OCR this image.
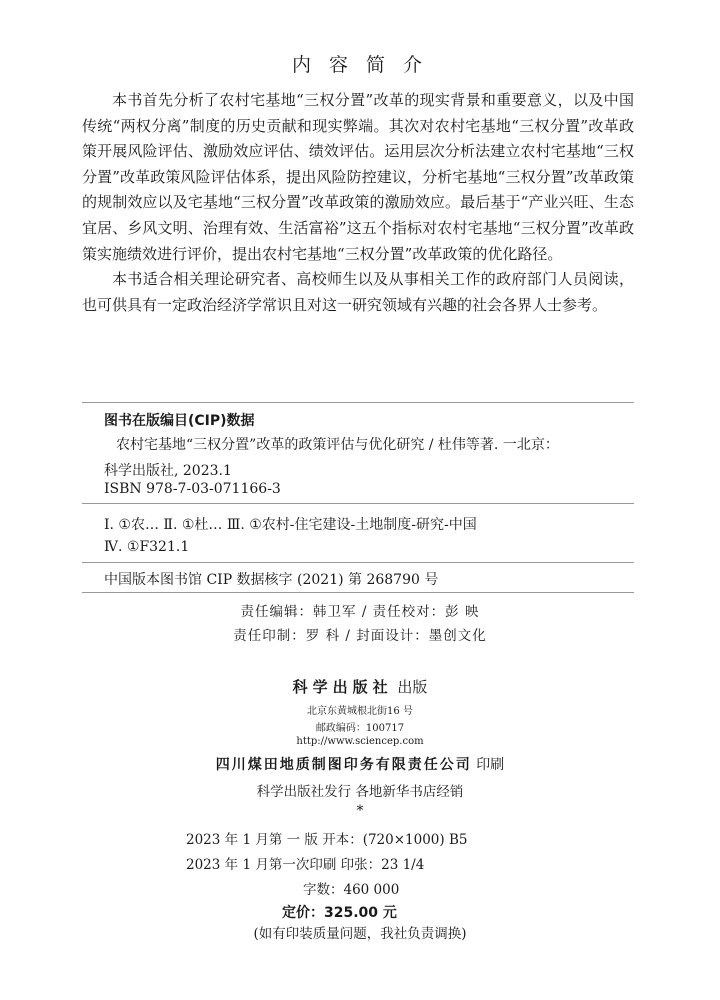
内 容 简 介

本书首先分析了农村宅基地“三权分置”改革的现实背景和重要意义，以及中国传统“两权分离”制度的历史贡献和现实弊端。其次对农村宅基地“三权分置”改革政策开展风险评估、激励效应评估、绩效评估。运用层次分析法建立农村宅基地“三权分置”改革政策风险评估体系，提出风险防控建议，分析宅基地“三权分置”改革政策的规制效应以及宅基地“三权分置”改革政策的激励效应。最后基于“产业兴旺、生态宜居、乡风文明、治理有效、生活富裕”这五个指标对农村宅基地“三权分置”改革政策实施绩效进行评价，提出农村宅基地“三权分置”改革政策的优化路径。

本书适合相关理论研究者、高校师生以及从事相关工作的政府部门人员阅读，也可供具有一定政治经济学常识且对这一研究领域有兴趣的社会各界人士参考。

图书在版编目(CIP)数据
农村宅基地“三权分置”改革的政策评估与优化研究 / 杜伟等著. 一北京：
科学出版社, 2023.1
ISBN 978-7-03-071166-3
Ⅰ. ①农… Ⅱ. ①杜… Ⅲ. ①农村-住宅建设-土地制度-研究-中国
Ⅳ. ①F321.1
中国版本图书馆 CIP 数据核字 (2021) 第 268790 号
责任编辑：韩卫军 / 责任校对：彭 映
责任印制：罗 科 / 封面设计：墨创文化
科学出版社 出版
北京东黄城根北街16 号
邮政编码：100717
http://www.sciencep.com
四川煤田地质制图印务有限责任公司 印刷
科学出版社发行 各地新华书店经销
*
2023 年 1 月第 一 版 开本：(720×1000) B5
2023 年 1 月第一次印刷 印张：23 1/4
字数：460 000
定价：325.00 元
(如有印装质量问题，我社负责调换)
